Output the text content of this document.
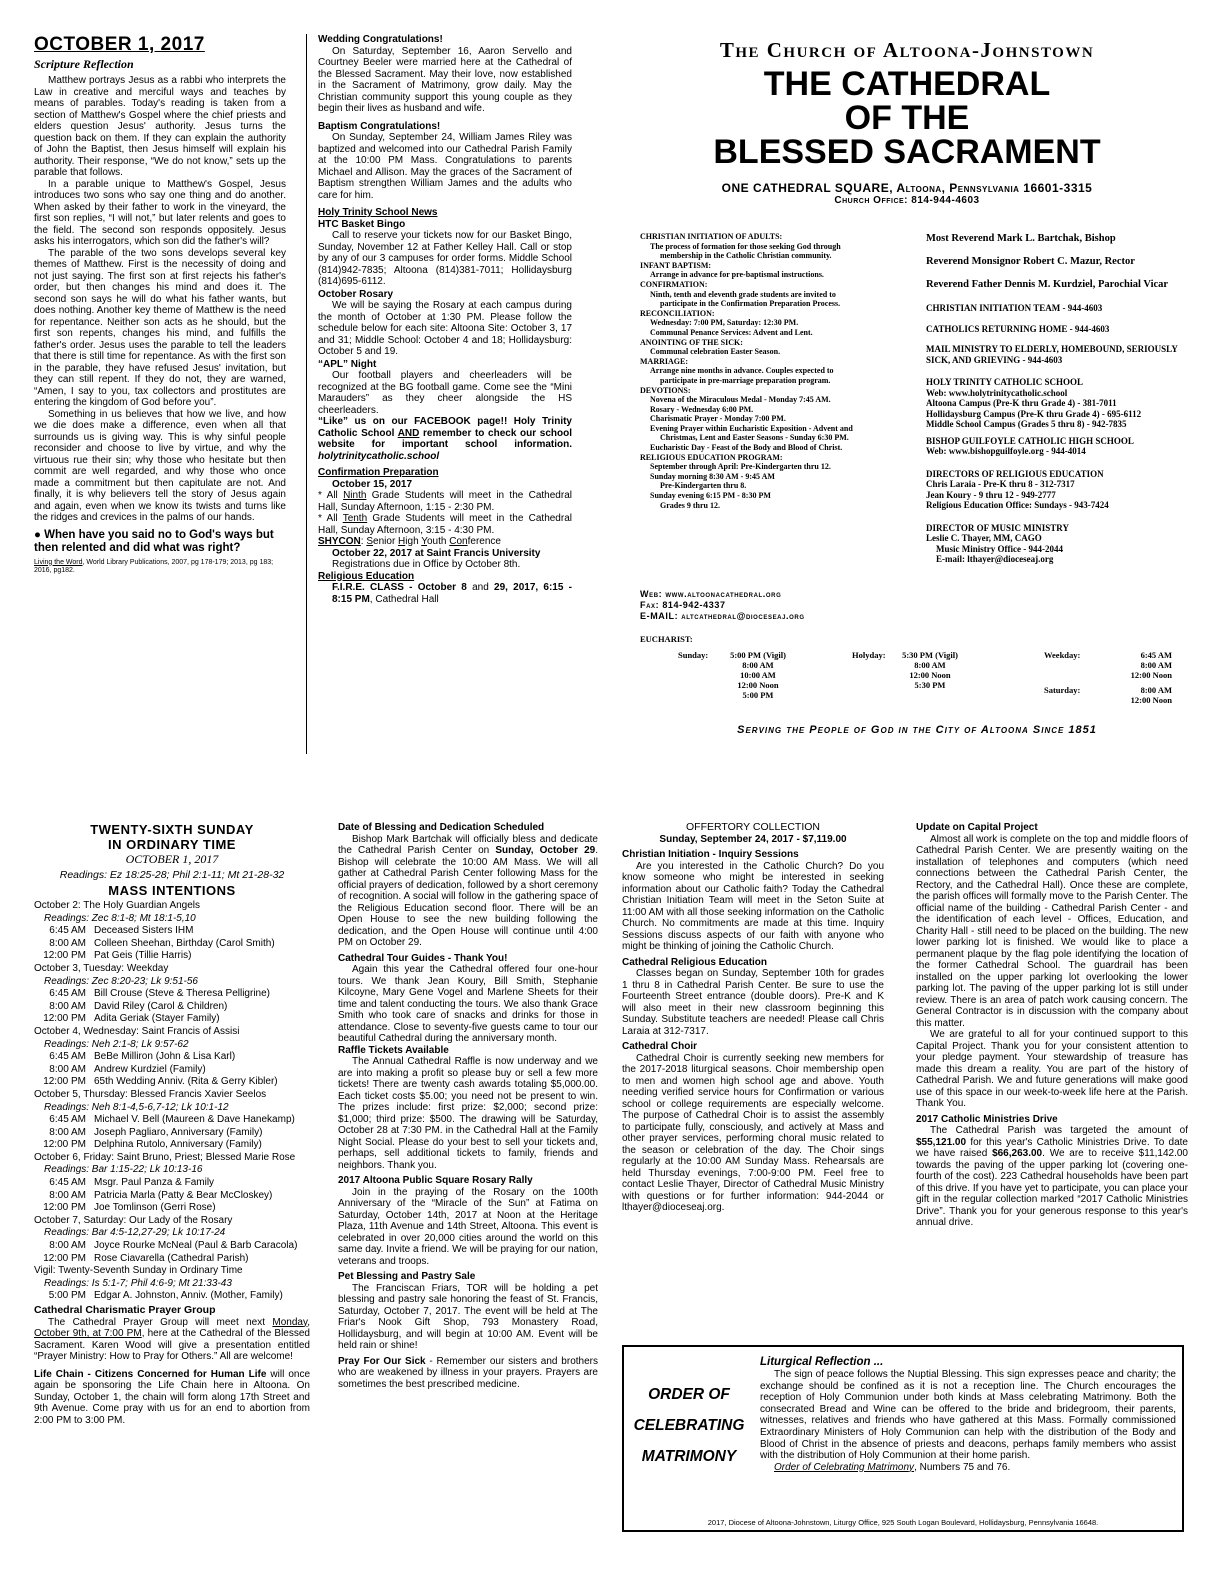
OCTOBER 1, 2017
Scripture Reflection

Matthew portrays Jesus as a rabbi who interprets the Law in creative and merciful ways and teaches by means of parables. Today's reading is taken from a section of Matthew's Gospel where the chief priests and elders question Jesus' authority. Jesus turns the question back on them. If they can explain the authority of John the Baptist, then Jesus himself will explain his authority. Their response, “We do not know,” sets up the parable that follows.

In a parable unique to Matthew's Gospel, Jesus introduces two sons who say one thing and do another. When asked by their father to work in the vineyard, the first son replies, “I will not,” but later relents and goes to the field. The second son responds oppositely. Jesus asks his interrogators, which son did the father's will?

The parable of the two sons develops several key themes of Matthew. First is the necessity of doing and not just saying. The first son at first rejects his father's order, but then changes his mind and does it. The second son says he will do what his father wants, but does nothing. Another key theme of Matthew is the need for repentance. Neither son acts as he should, but the first son repents, changes his mind, and fulfills the father's order. Jesus uses the parable to tell the leaders that there is still time for repentance. As with the first son in the parable, they have refused Jesus' invitation, but they can still repent. If they do not, they are warned, “Amen, I say to you, tax collectors and prostitutes are entering the kingdom of God before you”.

Something in us believes that how we live, and how we die does make a difference, even when all that surrounds us is giving way. This is why sinful people reconsider and choose to live by virtue, and why the virtuous rue their sin; why those who hesitate but then commit are well regarded, and why those who once made a commitment but then capitulate are not. And finally, it is why believers tell the story of Jesus again and again, even when we know its twists and turns like the ridges and crevices in the palms of our hands.

● When have you said no to God's ways but then relented and did what was right?
Living the Word, World Library Publications, 2007, pg 178-179; 2013, pg 183; 2016, pg182.
Wedding Congratulations!

On Saturday, September 16, Aaron Servello and Courtney Beeler were married here at the Cathedral of the Blessed Sacrament. May their love, now established in the Sacrament of Matrimony, grow daily. May the Christian community support this young couple as they begin their lives as husband and wife.

Baptism Congratulations!

On Sunday, September 24, William James Riley was baptized and welcomed into our Cathedral Parish Family at the 10:00 PM Mass. Congratulations to parents Michael and Allison. May the graces of the Sacrament of Baptism strengthen William James and the adults who care for him.

Holy Trinity School News
HTC Basket Bingo

Call to reserve your tickets now for our Basket Bingo, Sunday, November 12 at Father Kelley Hall. Call or stop by any of our 3 campuses for order forms. Middle School (814)942-7835; Altoona (814)381-7011; Hollidaysburg (814)695-6112.

October Rosary

We will be saying the Rosary at each campus during the month of October at 1:30 PM. Please follow the schedule below for each site: Altoona Site: October 3, 17 and 31; Middle School: October 4 and 18; Hollidaysburg: October 5 and 19.

“APL” Night

Our football players and cheerleaders will be recognized at the BG football game. Come see the “Mini Marauders” as they cheer alongside the HS cheerleaders.

“Like” us on our FACEBOOK page!! Holy Trinity Catholic School AND remember to check our school website for important school information. holytrinitycatholic.school
Confirmation Preparation
October 15, 2017
* All Ninth Grade Students will meet in the Cathedral Hall, Sunday Afternoon, 1:15 - 2:30 PM.
* All Tenth Grade Students will meet in the Cathedral Hall, Sunday Afternoon, 3:15 - 4:30 PM.
SHYCON: Senior High Youth Conference
October 22, 2017 at Saint Francis University
Registrations due in Office by October 8th.
Religious Education
F.I.R.E. CLASS - October 8 and 29, 2017, 6:15 - 8:15 PM, Cathedral Hall
The Church of Altoona-Johnstown
THE CATHEDRAL
OF THE
BLESSED SACRAMENT
ONE CATHEDRAL SQUARE, Altoona, Pennsylvania 16601-3315
Church Office: 814-944-4603
CHRISTIAN INITIATION OF ADULTS:
The process of formation for those seeking God through
membership in the Catholic Christian community.
INFANT BAPTISM:
Arrange in advance for pre-baptismal instructions.
CONFIRMATION:
Ninth, tenth and eleventh grade students are invited to
participate in the Confirmation Preparation Process.
RECONCILIATION:
Wednesday: 7:00 PM, Saturday: 12:30 PM.
Communal Penance Services: Advent and Lent.
ANOINTING OF THE SICK:
Communal celebration Easter Season.
MARRIAGE:
Arrange nine months in advance. Couples expected to
participate in pre-marriage preparation program.
DEVOTIONS:
Novena of the Miraculous Medal - Monday 7:45 AM.
Rosary - Wednesday 6:00 PM.
Charismatic Prayer - Monday 7:00 PM.
Evening Prayer within Eucharistic Exposition - Advent and
Christmas, Lent and Easter Seasons - Sunday 6:30 PM.
Eucharistic Day - Feast of the Body and Blood of Christ.
RELIGIOUS EDUCATION PROGRAM:
September through April: Pre-Kindergarten thru 12.
Sunday morning 8:30 AM - 9:45 AM
Pre-Kindergarten thru 8.
Sunday evening 6:15 PM - 8:30 PM
Grades 9 thru 12.
Web: www.altoonacathedral.org
Fax: 814-942-4337
E-MAIL: altcathedral@dioceseaj.org
Most Reverend Mark L. Bartchak, Bishop
Reverend Monsignor Robert C. Mazur, Rector
Reverend Father Dennis M. Kurdziel, Parochial Vicar
CHRISTIAN INITIATION TEAM - 944-4603
CATHOLICS RETURNING HOME - 944-4603
MAIL MINISTRY TO ELDERLY, HOMEBOUND, SERIOUSLY SICK, AND GRIEVING - 944-4603
HOLY TRINITY CATHOLIC SCHOOL
Web: www.holytrinitycatholic.school
Altoona Campus (Pre-K thru Grade 4) - 381-7011
Hollidaysburg Campus (Pre-K thru Grade 4) - 695-6112
Middle School Campus (Grades 5 thru 8) - 942-7835
BISHOP GUILFOYLE CATHOLIC HIGH SCHOOL
Web: www.bishopguilfoyle.org - 944-4014
DIRECTORS OF RELIGIOUS EDUCATION
Chris Laraia - Pre-K thru 8 - 312-7317
Jean Koury - 9 thru 12 - 949-2777
Religious Education Office: Sundays - 943-7424
DIRECTOR OF MUSIC MINISTRY
Leslie C. Thayer, MM, CAGO
Music Ministry Office - 944-2044
E-mail: lthayer@dioceseaj.org
EUCHARIST:
Sunday:	5:00 PM (Vigil)
8:00 AM
10:00 AM
12:00 Noon
5:00 PM
Holyday:	5:30 PM (Vigil)
8:00 AM
12:00 Noon
5:30 PM
Weekday:	6:45 AM
8:00 AM
12:00 Noon
Saturday:	8:00 AM
12:00 Noon
Serving the People of God in the City of Altoona Since 1851
TWENTY-SIXTH SUNDAY
IN ORDINARY TIME
OCTOBER 1, 2017
Readings: Ez 18:25-28; Phil 2:1-11; Mt 21-28-32
MASS INTENTIONS
October 2: The Holy Guardian Angels
Readings: Zec 8:1-8; Mt 18:1-5,10
6:45 AM Deceased Sisters IHM
8:00 AM Colleen Sheehan, Birthday (Carol Smith)
12:00 PM Pat Geis (Tillie Harris)
October 3, Tuesday: Weekday
Readings: Zec 8:20-23; Lk 9:51-56
6:45 AM Bill Crouse (Steve & Theresa Pelligrine)
8:00 AM David Riley (Carol & Children)
12:00 PM Adita Geriak (Stayer Family)
October 4, Wednesday: Saint Francis of Assisi
Readings: Neh 2:1-8; Lk 9:57-62
6:45 AM BeBe Milliron (John & Lisa Karl)
8:00 AM Andrew Kurdziel (Family)
12:00 PM 65th Wedding Anniv. (Rita & Gerry Kibler)
October 5, Thursday: Blessed Francis Xavier Seelos
Readings: Neh 8:1-4,5-6,7-12; Lk 10:1-12
6:45 AM Michael V. Bell (Maureen & Dave Hanekamp)
8:00 AM Joseph Pagliaro, Anniversary (Family)
12:00 PM Delphina Rutolo, Anniversary (Family)
October 6, Friday: Saint Bruno, Priest; Blessed Marie Rose
Readings: Bar 1:15-22; Lk 10:13-16
6:45 AM Msgr. Paul Panza & Family
8:00 AM Patricia Marla (Patty & Bear McCloskey)
12:00 PM Joe Tomlinson (Gerri Rose)
October 7, Saturday: Our Lady of the Rosary
Readings: Bar 4:5-12,27-29; Lk 10:17-24
8:00 AM Joyce Rourke McNeal (Paul & Barb Caracola)
12:00 PM Rose Ciavarella (Cathedral Parish)
Vigil: Twenty-Seventh Sunday in Ordinary Time
Readings: Is 5:1-7; Phil 4:6-9; Mt 21:33-43
5:00 PM Edgar A. Johnston, Anniv. (Mother, Family)
Cathedral Charismatic Prayer Group

The Cathedral Prayer Group will meet next Monday, October 9th, at 7:00 PM, here at the Cathedral of the Blessed Sacrament. Karen Wood will give a presentation entitled “Prayer Ministry: How to Pray for Others.” All are welcome!

Life Chain - Citizens Concerned for Human Life will once again be sponsoring the Life Chain here in Altoona. On Sunday, October 1, the chain will form along 17th Street and 9th Avenue. Come pray with us for an end to abortion from 2:00 PM to 3:00 PM.
Date of Blessing and Dedication Scheduled

Bishop Mark Bartchak will officially bless and dedicate the Cathedral Parish Center on Sunday, October 29. Bishop will celebrate the 10:00 AM Mass. We will all gather at Cathedral Parish Center following Mass for the official prayers of dedication, followed by a short ceremony of recognition. A social will follow in the gathering space of the Religious Education second floor. There will be an Open House to see the new building following the dedication, and the Open House will continue until 4:00 PM on October 29.

Cathedral Tour Guides - Thank You!

Again this year the Cathedral offered four one-hour tours. We thank Jean Koury, Bill Smith, Stephanie Kilcoyne, Mary Gene Vogel and Marlene Sheets for their time and talent conducting the tours. We also thank Grace Smith who took care of snacks and drinks for those in attendance. Close to seventy-five guests came to tour our beautiful Cathedral during the anniversary month.

Raffle Tickets Available

The Annual Cathedral Raffle is now underway and we are into making a profit so please buy or sell a few more tickets! There are twenty cash awards totaling $5,000.00. Each ticket costs $5.00; you need not be present to win. The prizes include: first prize: $2,000; second prize: $1,000; third prize: $500. The drawing will be Saturday, October 28 at 7:30 PM. in the Cathedral Hall at the Family Night Social. Please do your best to sell your tickets and, perhaps, sell additional tickets to family, friends and neighbors. Thank you.

2017 Altoona Public Square Rosary Rally

Join in the praying of the Rosary on the 100th Anniversary of the “Miracle of the Sun” at Fatima on Saturday, October 14th, 2017 at Noon at the Heritage Plaza, 11th Avenue and 14th Street, Altoona. This event is celebrated in over 20,000 cities around the world on this same day. Invite a friend. We will be praying for our nation, veterans and troops.

Pet Blessing and Pastry Sale

The Franciscan Friars, TOR will be holding a pet blessing and pastry sale honoring the feast of St. Francis, Saturday, October 7, 2017. The event will be held at The Friar's Nook Gift Shop, 793 Monastery Road, Hollidaysburg, and will begin at 10:00 AM. Event will be held rain or shine!

Pray For Our Sick - Remember our sisters and brothers who are weakened by illness in your prayers. Prayers are sometimes the best prescribed medicine.
OFFERTORY COLLECTION
Sunday, September 24, 2017 - $7,119.00
Christian Initiation - Inquiry Sessions

Are you interested in the Catholic Church? Do you know someone who might be interested in seeking information about our Catholic faith? Today the Cathedral Christian Initiation Team will meet in the Seton Suite at 11:00 AM with all those seeking information on the Catholic Church. No commitments are made at this time. Inquiry Sessions discuss aspects of our faith with anyone who might be thinking of joining the Catholic Church.

Cathedral Religious Education

Classes began on Sunday, September 10th for grades 1 thru 8 in Cathedral Parish Center. Be sure to use the Fourteenth Street entrance (double doors). Pre-K and K will also meet in their new classroom beginning this Sunday. Substitute teachers are needed! Please call Chris Laraia at 312-7317.

Cathedral Choir

Cathedral Choir is currently seeking new members for the 2017-2018 liturgical seasons. Choir membership open to men and women high school age and above. Youth needing verified service hours for Confirmation or various school or college requirements are especially welcome. The purpose of Cathedral Choir is to assist the assembly to participate fully, consciously, and actively at Mass and other prayer services, performing choral music related to the season or celebration of the day. The Choir sings regularly at the 10:00 AM Sunday Mass. Rehearsals are held Thursday evenings, 7:00-9:00 PM. Feel free to contact Leslie Thayer, Director of Cathedral Music Ministry with questions or for further information: 944-2044 or lthayer@dioceseaj.org.

Update on Capital Project

Almost all work is complete on the top and middle floors of Cathedral Parish Center. We are presently waiting on the installation of telephones and computers (which need connections between the Cathedral Parish Center, the Rectory, and the Cathedral Hall). Once these are complete, the parish offices will formally move to the Parish Center. The official name of the building - Cathedral Parish Center - and the identification of each level - Offices, Education, and Charity Hall - still need to be placed on the building. The new lower parking lot is finished. We would like to place a permanent plaque by the flag pole identifying the location of the former Cathedral School. The guardrail has been installed on the upper parking lot overlooking the lower parking lot. The paving of the upper parking lot is still under review. There is an area of patch work causing concern. The General Contractor is in discussion with the company about this matter.

We are grateful to all for your continued support to this Capital Project. Thank you for your consistent attention to your pledge payment. Your stewardship of treasure has made this dream a reality. You are part of the history of Cathedral Parish. We and future generations will make good use of this space in our week-to-week life here at the Parish. Thank You.

2017 Catholic Ministries Drive

The Cathedral Parish was targeted the amount of $55,121.00 for this year's Catholic Ministries Drive. To date we have raised $66,263.00. We are to receive $11,142.00 towards the paving of the upper parking lot (covering one-fourth of the cost). 223 Cathedral households have been part of this drive. If you have yet to participate, you can place your gift in the regular collection marked “2017 Catholic Ministries Drive”. Thank you for your generous response to this year's annual drive.

ORDER OF
CELEBRATING
MATRIMONY
Liturgical Reflection ...

The sign of peace follows the Nuptial Blessing. This sign expresses peace and charity; the exchange should be confined as it is not a reception line. The Church encourages the reception of Holy Communion under both kinds at Mass celebrating Matrimony. Both the consecrated Bread and Wine can be offered to the bride and bridegroom, their parents, witnesses, relatives and friends who have gathered at this Mass. Formally commissioned Extraordinary Ministers of Holy Communion can help with the distribution of the Body and Blood of Christ in the absence of priests and deacons, perhaps family members who assist with the distribution of Holy Communion at their home parish.

Order of Celebrating Matrimony, Numbers 75 and 76.
2017, Diocese of Altoona-Johnstown, Liturgy Office, 925 South Logan Boulevard, Hollidaysburg, Pennsylvania 16648.
